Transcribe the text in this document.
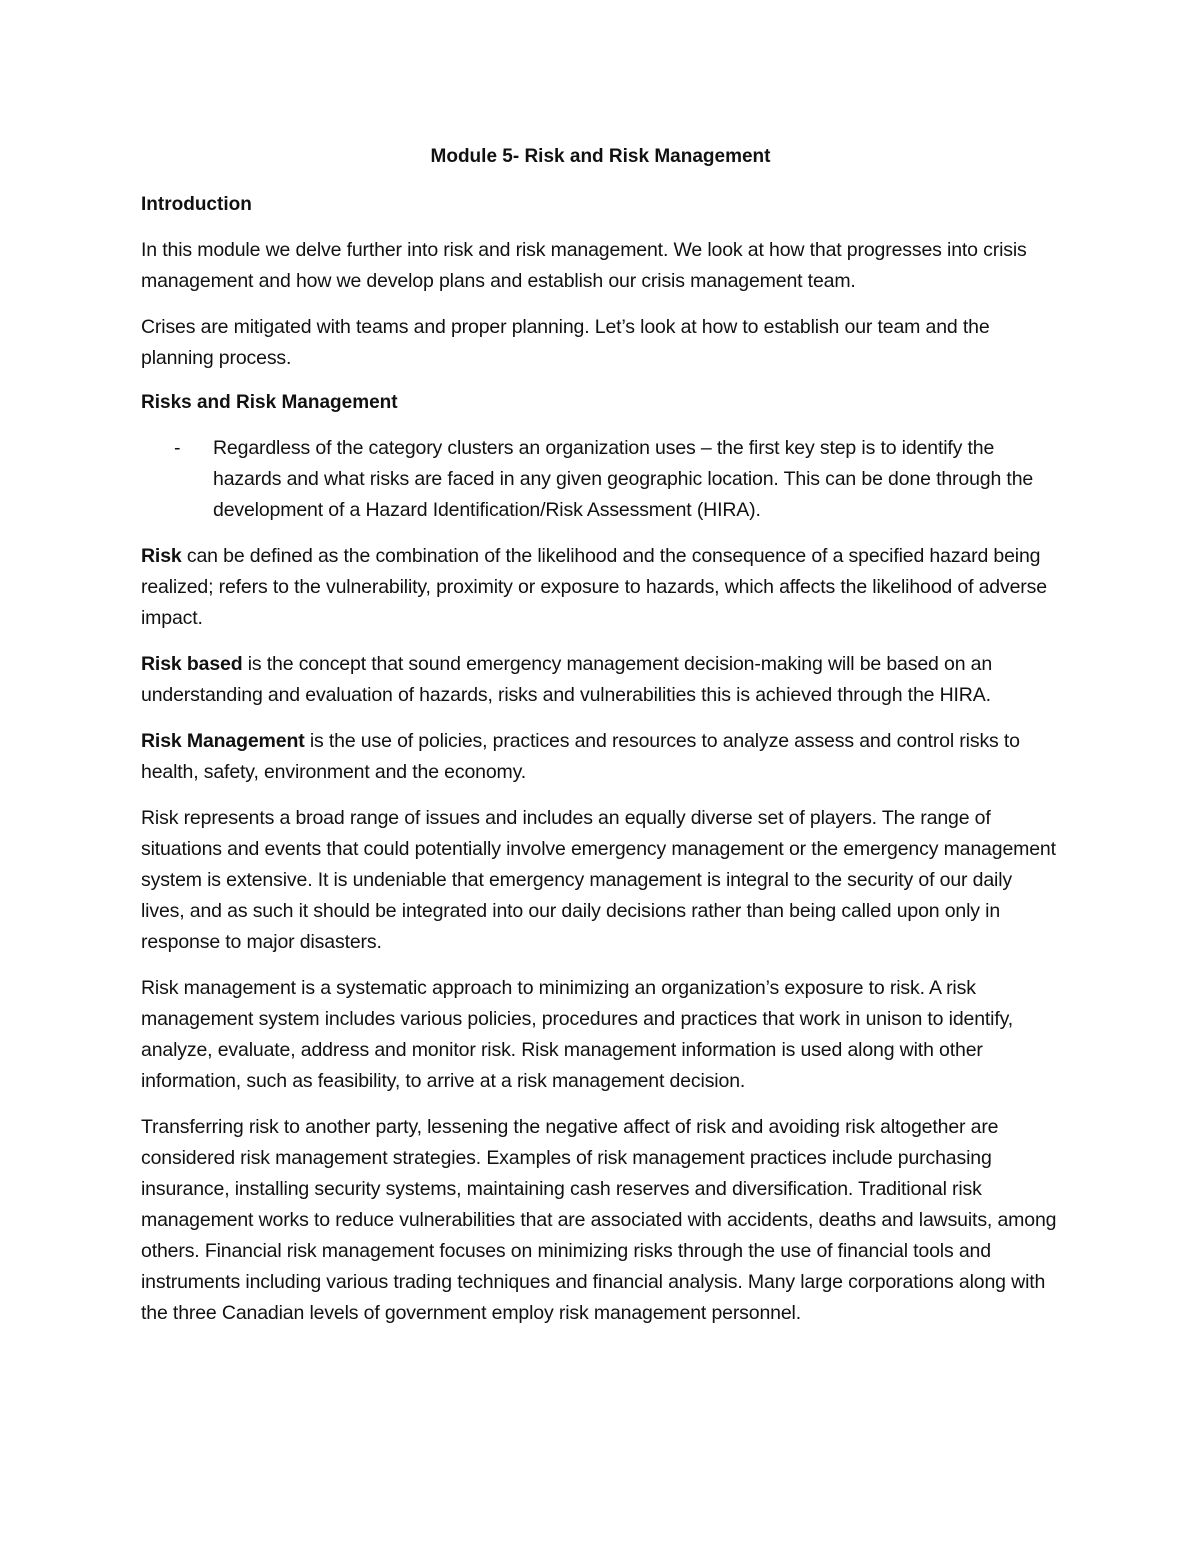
Module 5- Risk and Risk Management
Introduction

In this module we delve further into risk and risk management. We look at how that progresses into crisis management and how we develop plans and establish our crisis management team.

Crises are mitigated with teams and proper planning. Let’s look at how to establish our team and the planning process.

Risks and Risk Management
-	Regardless of the category clusters an organization uses – the first key step is to identify the hazards and what risks are faced in any given geographic location. This can be done through the development of a Hazard Identification/Risk Assessment (HIRA).

Risk can be defined as the combination of the likelihood and the consequence of a specified hazard being realized; refers to the vulnerability, proximity or exposure to hazards, which affects the likelihood of adverse impact.

Risk based is the concept that sound emergency management decision-making will be based on an understanding and evaluation of hazards, risks and vulnerabilities this is achieved through the HIRA.

Risk Management is the use of policies, practices and resources to analyze assess and control risks to health, safety, environment and the economy.

Risk represents a broad range of issues and includes an equally diverse set of players. The range of situations and events that could potentially involve emergency management or the emergency management system is extensive. It is undeniable that emergency management is integral to the security of our daily lives, and as such it should be integrated into our daily decisions rather than being called upon only in response to major disasters.

Risk management is a systematic approach to minimizing an organization’s exposure to risk. A risk management system includes various policies, procedures and practices that work in unison to identify, analyze, evaluate, address and monitor risk. Risk management information is used along with other information, such as feasibility, to arrive at a risk management decision.

Transferring risk to another party, lessening the negative affect of risk and avoiding risk altogether are considered risk management strategies. Examples of risk management practices include purchasing insurance, installing security systems, maintaining cash reserves and diversification. Traditional risk management works to reduce vulnerabilities that are associated with accidents, deaths and lawsuits, among others. Financial risk management focuses on minimizing risks through the use of financial tools and instruments including various trading techniques and financial analysis. Many large corporations along with the three Canadian levels of government employ risk management personnel.
